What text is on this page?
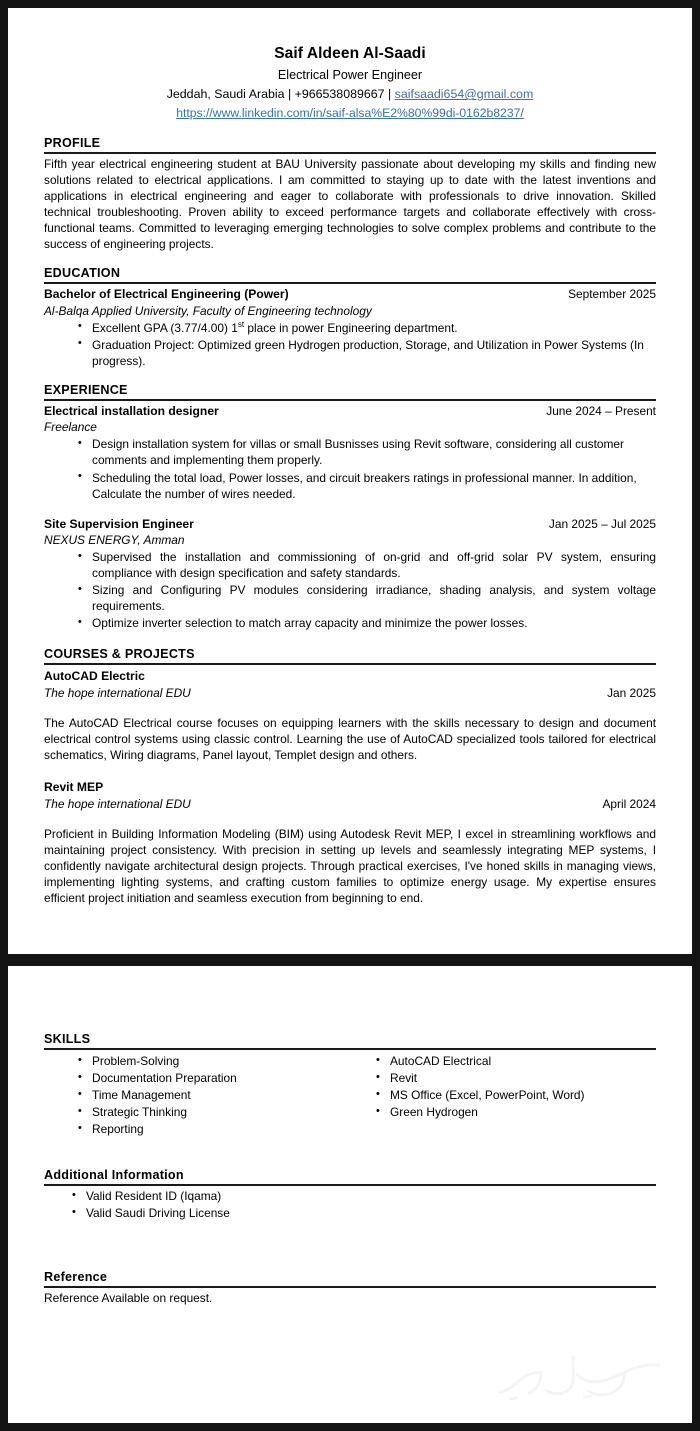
Saif Aldeen Al-Saadi
Electrical Power Engineer
Jeddah, Saudi Arabia | +966538089667 | saifsaadi654@gmail.com
https://www.linkedin.com/in/saif-alsa%E2%80%99di-0162b8237/
PROFILE
Fifth year electrical engineering student at BAU University passionate about developing my skills and finding new solutions related to electrical applications. I am committed to staying up to date with the latest inventions and applications in electrical engineering and eager to collaborate with professionals to drive innovation. Skilled technical troubleshooting. Proven ability to exceed performance targets and collaborate effectively with cross-functional teams. Committed to leveraging emerging technologies to solve complex problems and contribute to the success of engineering projects.
EDUCATION
Bachelor of Electrical Engineering (Power)	September 2025
Al-Balqa Applied University, Faculty of Engineering technology
• Excellent GPA (3.77/4.00) 1st place in power Engineering department.
• Graduation Project: Optimized green Hydrogen production, Storage, and Utilization in Power Systems (In progress).
EXPERIENCE
Electrical installation designer	June 2024 – Present
Freelance
• Design installation system for villas or small Busnisses using Revit software, considering all customer comments and implementing them properly.
• Scheduling the total load, Power losses, and circuit breakers ratings in professional manner. In addition, Calculate the number of wires needed.
Site Supervision Engineer	Jan 2025 – Jul 2025
NEXUS ENERGY, Amman
• Supervised the installation and commissioning of on-grid and off-grid solar PV system, ensuring compliance with design specification and safety standards.
• Sizing and Configuring PV modules considering irradiance, shading analysis, and system voltage requirements.
• Optimize inverter selection to match array capacity and minimize the power losses.
COURSES & PROJECTS
AutoCAD Electric
The hope international EDU	Jan 2025
The AutoCAD Electrical course focuses on equipping learners with the skills necessary to design and document electrical control systems using classic control. Learning the use of AutoCAD specialized tools tailored for electrical schematics, Wiring diagrams, Panel layout, Templet design and others.
Revit MEP
The hope international EDU	April 2024
Proficient in Building Information Modeling (BIM) using Autodesk Revit MEP, I excel in streamlining workflows and maintaining project consistency. With precision in setting up levels and seamlessly integrating MEP systems, I confidently navigate architectural design projects. Through practical exercises, I've honed skills in managing views, implementing lighting systems, and crafting custom families to optimize energy usage. My expertise ensures efficient project initiation and seamless execution from beginning to end.
SKILLS
• Problem-Solving
• Documentation Preparation
• Time Management
• Strategic Thinking
• Reporting
• AutoCAD Electrical
• Revit
• MS Office (Excel, PowerPoint, Word)
• Green Hydrogen
Additional Information
• Valid Resident ID (Iqama)
• Valid Saudi Driving License
Reference
Reference Available on request.
